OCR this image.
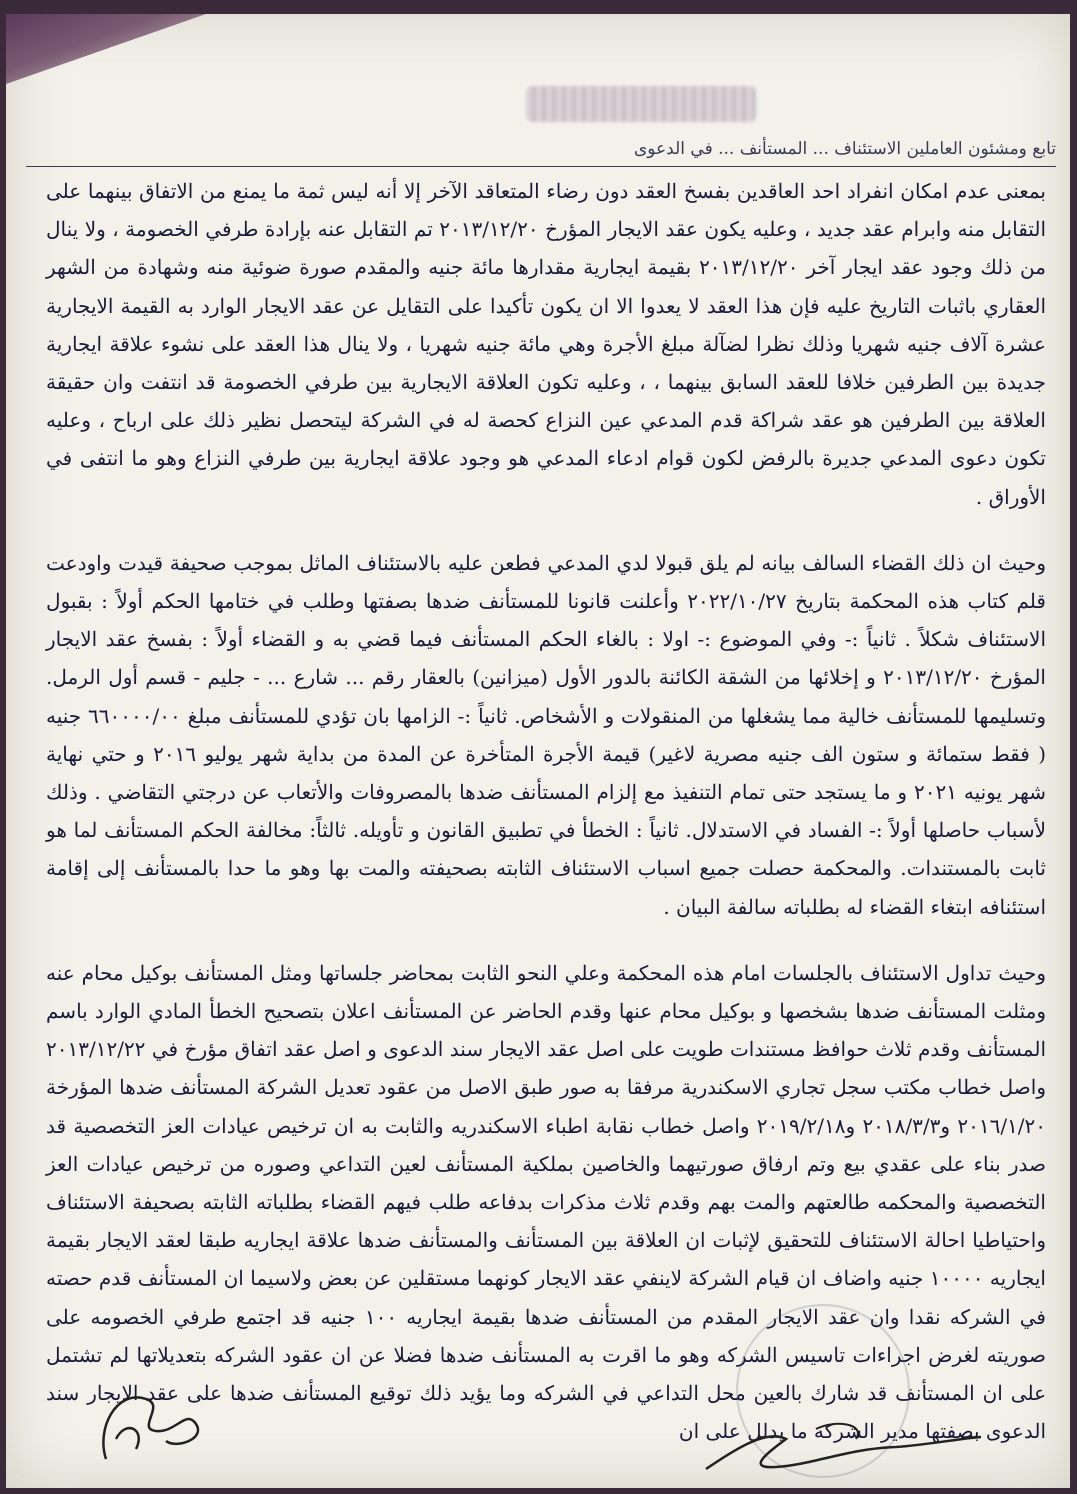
تابع ومشئون العاملين الاستئناف ... المستأنف ... في الدعوى

بمعنى عدم امكان انفراد احد العاقدين بفسخ العقد دون رضاء المتعاقد الآخر إلا أنه ليس ثمة ما يمنع من الاتفاق بينهما على التقابل منه وابرام عقد جديد ، وعليه يكون عقد الايجار المؤرخ ٢٠١٣/١٢/٢٠ تم التقابل عنه بإرادة طرفي الخصومة ، ولا ينال من ذلك وجود عقد ايجار آخر ٢٠١٣/١٢/٢٠ بقيمة ايجارية مقدارها مائة جنيه والمقدم صورة ضوئية منه وشهادة من الشهر العقاري باثبات التاريخ عليه فإن هذا العقد لا يعدوا الا ان يكون تأكيدا على التقايل عن عقد الايجار الوارد به القيمة الايجارية عشرة آلاف جنيه شهريا وذلك نظرا لضآلة مبلغ الأجرة وهي مائة جنيه شهريا ، ولا ينال هذا العقد على نشوء علاقة ايجارية جديدة بين الطرفين خلافا للعقد السابق بينهما ، ، وعليه تكون العلاقة الايجارية بين طرفي الخصومة قد انتفت وان حقيقة العلاقة بين الطرفين هو عقد شراكة قدم المدعي عين النزاع كحصة له في الشركة ليتحصل نظير ذلك على ارباح ، وعليه تكون دعوى المدعي جديرة بالرفض لكون قوام ادعاء المدعي هو وجود علاقة ايجارية بين طرفي النزاع وهو ما انتفى في الأوراق .

وحيث ان ذلك القضاء السالف بيانه لم يلق قبولا لدي المدعي فطعن عليه بالاستئناف الماثل بموجب صحيفة قيدت واودعت قلم كتاب هذه المحكمة بتاريخ ٢٠٢٢/١٠/٢٧ وأعلنت قانونا للمستأنف ضدها بصفتها وطلب في ختامها الحكم أولاً : بقبول الاستئناف شكلاً . ثانياً :- وفي الموضوع :- اولا : بالغاء الحكم المستأنف فيما قضي به و القضاء أولاً : بفسخ عقد الايجار المؤرخ ٢٠١٣/١٢/٢٠ و إخلائها من الشقة الكائنة بالدور الأول (ميزانين) بالعقار رقم ... شارع ... - جليم - قسم أول الرمل. وتسليمها للمستأنف خالية مما يشغلها من المنقولات و الأشخاص. ثانياً :- الزامها بان تؤدي للمستأنف مبلغ ٦٦٠٠٠٠/٠٠ جنيه ( فقط ستمائة و ستون الف جنيه مصرية لاغير) قيمة الأجرة المتأخرة عن المدة من بداية شهر يوليو ٢٠١٦ و حتي نهاية شهر يونيه ٢٠٢١ و ما يستجد حتى تمام التنفيذ مع إلزام المستأنف ضدها بالمصروفات والأتعاب عن درجتي التقاضي . وذلك لأسباب حاصلها أولاً :- الفساد في الاستدلال. ثانياً : الخطأ في تطبيق القانون و تأويله. ثالثاً: مخالفة الحكم المستأنف لما هو ثابت بالمستندات. والمحكمة حصلت جميع اسباب الاستئناف الثابته بصحيفته والمت بها وهو ما حدا بالمستأنف إلى إقامة استئنافه ابتغاء القضاء له بطلباته سالفة البيان .

وحيث تداول الاستئناف بالجلسات امام هذه المحكمة وعلي النحو الثابت بمحاضر جلساتها ومثل المستأنف بوكيل محام عنه ومثلت المستأنف ضدها بشخصها و بوكيل محام عنها وقدم الحاضر عن المستأنف اعلان بتصحيح الخطأ المادي الوارد باسم المستأنف وقدم ثلاث حوافظ مستندات طويت على اصل عقد الايجار سند الدعوى و اصل عقد اتفاق مؤرخ في ٢٠١٣/١٢/٢٢ واصل خطاب مكتب سجل تجاري الاسكندرية مرفقا به صور طبق الاصل من عقود تعديل الشركة المستأنف ضدها المؤرخة ٢٠١٦/١/٢٠ و٢٠١٨/٣/٣ و٢٠١٩/٢/١٨ واصل خطاب نقابة اطباء الاسكندريه والثابت به ان ترخيص عيادات العز التخصصية قد صدر بناء على عقدي بيع وتم ارفاق صورتيهما والخاصين بملكية المستأنف لعين التداعي وصوره من ترخيص عيادات العز التخصصية والمحكمه طالعتهم والمت بهم وقدم ثلاث مذكرات بدفاعه طلب فيهم القضاء بطلباته الثابته بصحيفة الاستئناف واحتياطيا احالة الاستئناف للتحقيق لإثبات ان العلاقة بين المستأنف والمستأنف ضدها علاقة ايجاريه طبقا لعقد الايجار بقيمة ايجاريه ١٠٠٠٠ جنيه واضاف ان قيام الشركة لاينفي عقد الايجار كونهما مستقلين عن بعض ولاسيما ان المستأنف قدم حصته في الشركه نقدا وان عقد الايجار المقدم من المستأنف ضدها بقيمة ايجاريه ١٠٠ جنيه قد اجتمع طرفي الخصومه على صوريته لغرض اجراءات تاسيس الشركه وهو ما اقرت به المستأنف ضدها فضلا عن ان عقود الشركه بتعديلاتها لم تشتمل على ان المستأنف قد شارك بالعين محل التداعي في الشركه وما يؤيد ذلك توقيع المستأنف ضدها على عقد الايجار سند الدعوى بصفتها مدير الشركه ما يدلل على ان
